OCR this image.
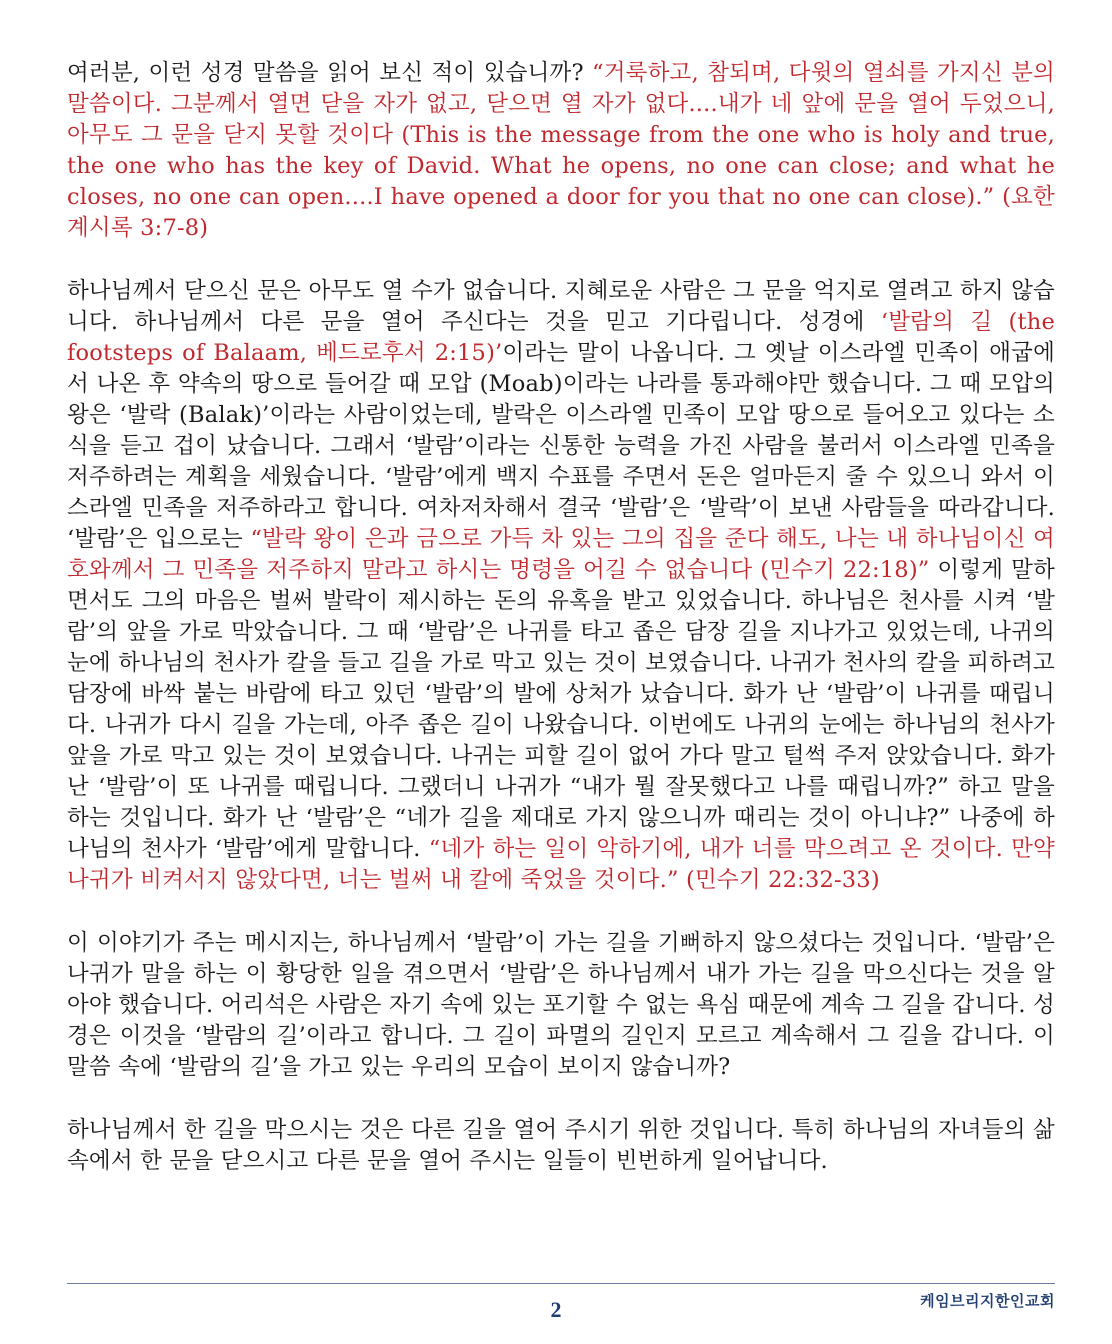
여러분, 이런 성경 말씀을 읽어 보신 적이 있습니까? “거룩하고, 참되며, 다윗의 열쇠를 가지신 분의 말씀이다. 그분께서 열면 닫을 자가 없고, 닫으면 열 자가 없다....내가 네 앞에 문을 열어 두었으니, 아무도 그 문을 닫지 못할 것이다 (This is the message from the one who is holy and true, the one who has the key of David. What he opens, no one can close; and what he closes, no one can open....I have opened a door for you that no one can close).” (요한계시록 3:7-8)

하나님께서 닫으신 문은 아무도 열 수가 없습니다. 지혜로운 사람은 그 문을 억지로 열려고 하지 않습니다. 하나님께서 다른 문을 열어 주신다는 것을 믿고 기다립니다. 성경에 ‘발람의 길 (the footsteps of Balaam, 베드로후서 2:15)’이라는 말이 나옵니다. 그 옛날 이스라엘 민족이 애굽에서 나온 후 약속의 땅으로 들어갈 때 모압 (Moab)이라는 나라를 통과해야만 했습니다. 그 때 모압의 왕은 ‘발락 (Balak)’이라는 사람이었는데, 발락은 이스라엘 민족이 모압 땅으로 들어오고 있다는 소식을 듣고 겁이 났습니다. 그래서 ‘발람’이라는 신통한 능력을 가진 사람을 불러서 이스라엘 민족을 저주하려는 계획을 세웠습니다. ‘발람’에게 백지 수표를 주면서 돈은 얼마든지 줄 수 있으니 와서 이스라엘 민족을 저주하라고 합니다. 여차저차해서 결국 ‘발람’은 ‘발락’이 보낸 사람들을 따라갑니다. ‘발람’은 입으로는 “발락 왕이 은과 금으로 가득 차 있는 그의 집을 준다 해도, 나는 내 하나님이신 여호와께서 그 민족을 저주하지 말라고 하시는 명령을 어길 수 없습니다 (민수기 22:18)” 이렇게 말하면서도 그의 마음은 벌써 발락이 제시하는 돈의 유혹을 받고 있었습니다. 하나님은 천사를 시켜 ‘발람’의 앞을 가로 막았습니다. 그 때 ‘발람’은 나귀를 타고 좁은 담장 길을 지나가고 있었는데, 나귀의 눈에 하나님의 천사가 칼을 들고 길을 가로 막고 있는 것이 보였습니다. 나귀가 천사의 칼을 피하려고 담장에 바싹 붙는 바람에 타고 있던 ‘발람’의 발에 상처가 났습니다. 화가 난 ‘발람’이 나귀를 때립니다. 나귀가 다시 길을 가는데, 아주 좁은 길이 나왔습니다. 이번에도 나귀의 눈에는 하나님의 천사가 앞을 가로 막고 있는 것이 보였습니다. 나귀는 피할 길이 없어 가다 말고 털썩 주저 앉았습니다. 화가 난 ‘발람’이 또 나귀를 때립니다. 그랬더니 나귀가 “내가 뭘 잘못했다고 나를 때립니까?” 하고 말을 하는 것입니다. 화가 난 ‘발람’은 “네가 길을 제대로 가지 않으니까 때리는 것이 아니냐?” 나중에 하나님의 천사가 ‘발람’에게 말합니다. “네가 하는 일이 악하기에, 내가 너를 막으려고 온 것이다. 만약 나귀가 비켜서지 않았다면, 너는 벌써 내 칼에 죽었을 것이다.” (민수기 22:32-33)

이 이야기가 주는 메시지는, 하나님께서 ‘발람’이 가는 길을 기뻐하지 않으셨다는 것입니다. ‘발람’은 나귀가 말을 하는 이 황당한 일을 겪으면서 ‘발람’은 하나님께서 내가 가는 길을 막으신다는 것을 알아야 했습니다. 어리석은 사람은 자기 속에 있는 포기할 수 없는 욕심 때문에 계속 그 길을 갑니다. 성경은 이것을 ‘발람의 길’이라고 합니다. 그 길이 파멸의 길인지 모르고 계속해서 그 길을 갑니다. 이 말씀 속에 ‘발람의 길’을 가고 있는 우리의 모습이 보이지 않습니까?

하나님께서 한 길을 막으시는 것은 다른 길을 열어 주시기 위한 것입니다. 특히 하나님의 자녀들의 삶 속에서 한 문을 닫으시고 다른 문을 열어 주시는 일들이 빈번하게 일어납니다.

2	케임브리지한인교회
